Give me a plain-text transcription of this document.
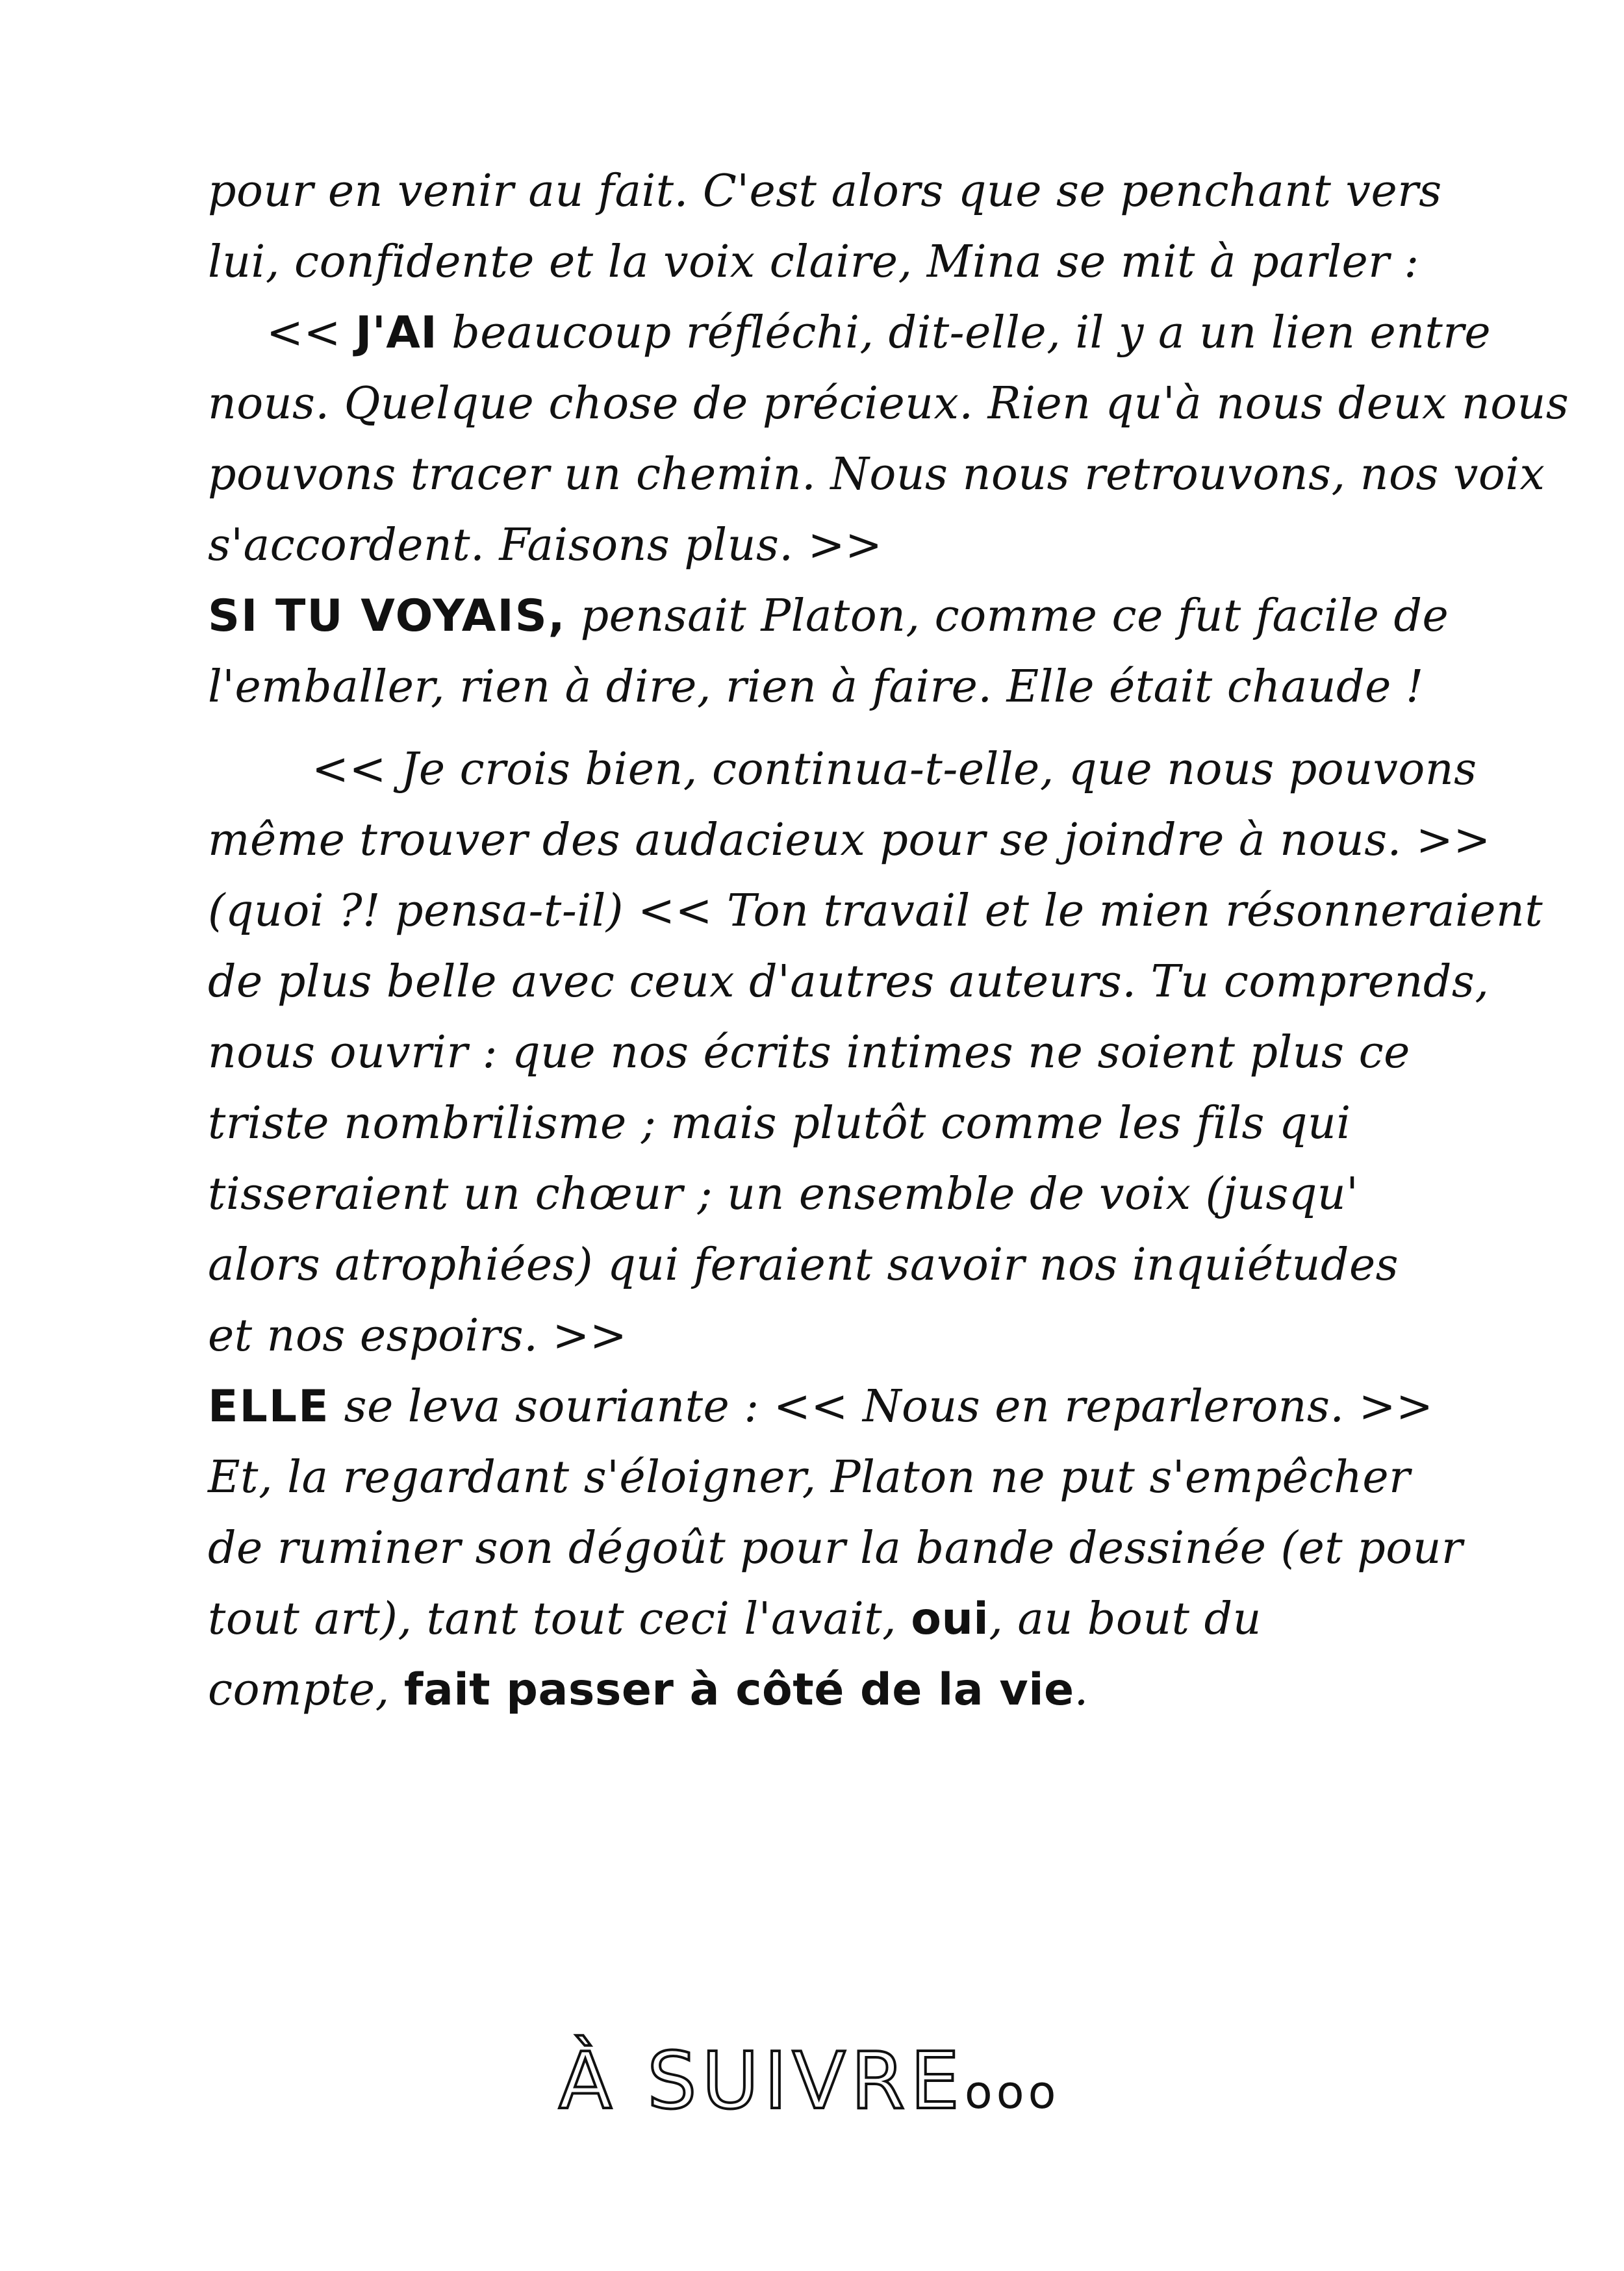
pour en venir au fait. C'est alors que se penchant vers
lui, confidente et la voix claire, Mina se mit à parler :
<< J'AI beaucoup réfléchi, dit-elle, il y a un lien entre
nous. Quelque chose de précieux. Rien qu'à nous deux nous
pouvons tracer un chemin. Nous nous retrouvons, nos voix
s'accordent. Faisons plus. >>
SI TU VOYAIS, pensait Platon, comme ce fut facile de
l'emballer, rien à dire, rien à faire. Elle était chaude !
<< Je crois bien, continua-t-elle, que nous pouvons
même trouver des audacieux pour se joindre à nous. >>
(quoi ?! pensa-t-il) << Ton travail et le mien résonneraient
de plus belle avec ceux d'autres auteurs. Tu comprends,
nous ouvrir : que nos écrits intimes ne soient plus ce
triste nombrilisme ; mais plutôt comme les fils qui
tisseraient un chœur ; un ensemble de voix (jusqu'
alors atrophiées) qui feraient savoir nos inquiétudes
et nos espoirs. >>
ELLE se leva souriante : << Nous en reparlerons. >>
Et, la regardant s'éloigner, Platon ne put s'empêcher
de ruminer son dégoût pour la bande dessinée (et pour
tout art), tant tout ceci l'avait, oui, au bout du
compte, fait passer à côté de la vie.
À SUIVREooo
